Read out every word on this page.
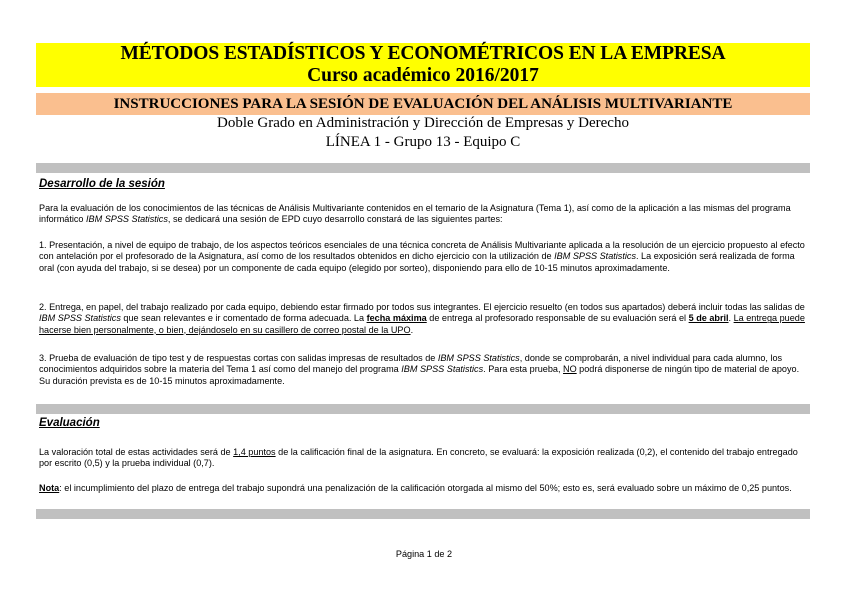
MÉTODOS ESTADÍSTICOS Y ECONOMÉTRICOS EN LA EMPRESA
Curso académico 2016/2017
INSTRUCCIONES PARA LA SESIÓN DE EVALUACIÓN DEL ANÁLISIS MULTIVARIANTE
Doble Grado en Administración y Dirección de Empresas y Derecho
LÍNEA 1 - Grupo 13 - Equipo C
Desarrollo de la sesión
Para la evaluación de los conocimientos de las técnicas de Análisis Multivariante contenidos en el temario de la Asignatura (Tema 1), así como de la aplicación a las mismas del programa informático IBM SPSS Statistics, se dedicará una sesión de EPD cuyo desarrollo constará de las siguientes partes:
1. Presentación, a nivel de equipo de trabajo, de los aspectos teóricos esenciales de una técnica concreta de Análisis Multivariante aplicada a la resolución de un ejercicio propuesto al efecto con antelación por el profesorado de la Asignatura, así como de los resultados obtenidos en dicho ejercicio con la utilización de IBM SPSS Statistics. La exposición será realizada de forma oral (con ayuda del trabajo, si se desea) por un componente de cada equipo (elegido por sorteo), disponiendo para ello de 10-15 minutos aproximadamente.
2. Entrega, en papel, del trabajo realizado por cada equipo, debiendo estar firmado por todos sus integrantes. El ejercicio resuelto (en todos sus apartados) deberá incluir todas las salidas de IBM SPSS Statistics que sean relevantes e ir comentado de forma adecuada. La fecha máxima de entrega al profesorado responsable de su evaluación será el 5 de abril. La entrega puede hacerse bien personalmente, o bien, dejándoselo en su casillero de correo postal de la UPO.
3. Prueba de evaluación de tipo test y de respuestas cortas con salidas impresas de resultados de IBM SPSS Statistics, donde se comprobarán, a nivel individual para cada alumno, los conocimientos adquiridos sobre la materia del Tema 1 así como del manejo del programa IBM SPSS Statistics. Para esta prueba, NO podrá disponerse de ningún tipo de material de apoyo. Su duración prevista es de 10-15 minutos aproximadamente.
Evaluación
La valoración total de estas actividades será de 1,4 puntos de la calificación final de la asignatura. En concreto, se evaluará: la exposición realizada (0,2), el contenido del trabajo entregado por escrito (0,5) y la prueba individual (0,7).
Nota: el incumplimiento del plazo de entrega del trabajo supondrá una penalización de la calificación otorgada al mismo del 50%; esto es, será evaluado sobre un máximo de 0,25 puntos.
Página 1 de 2
